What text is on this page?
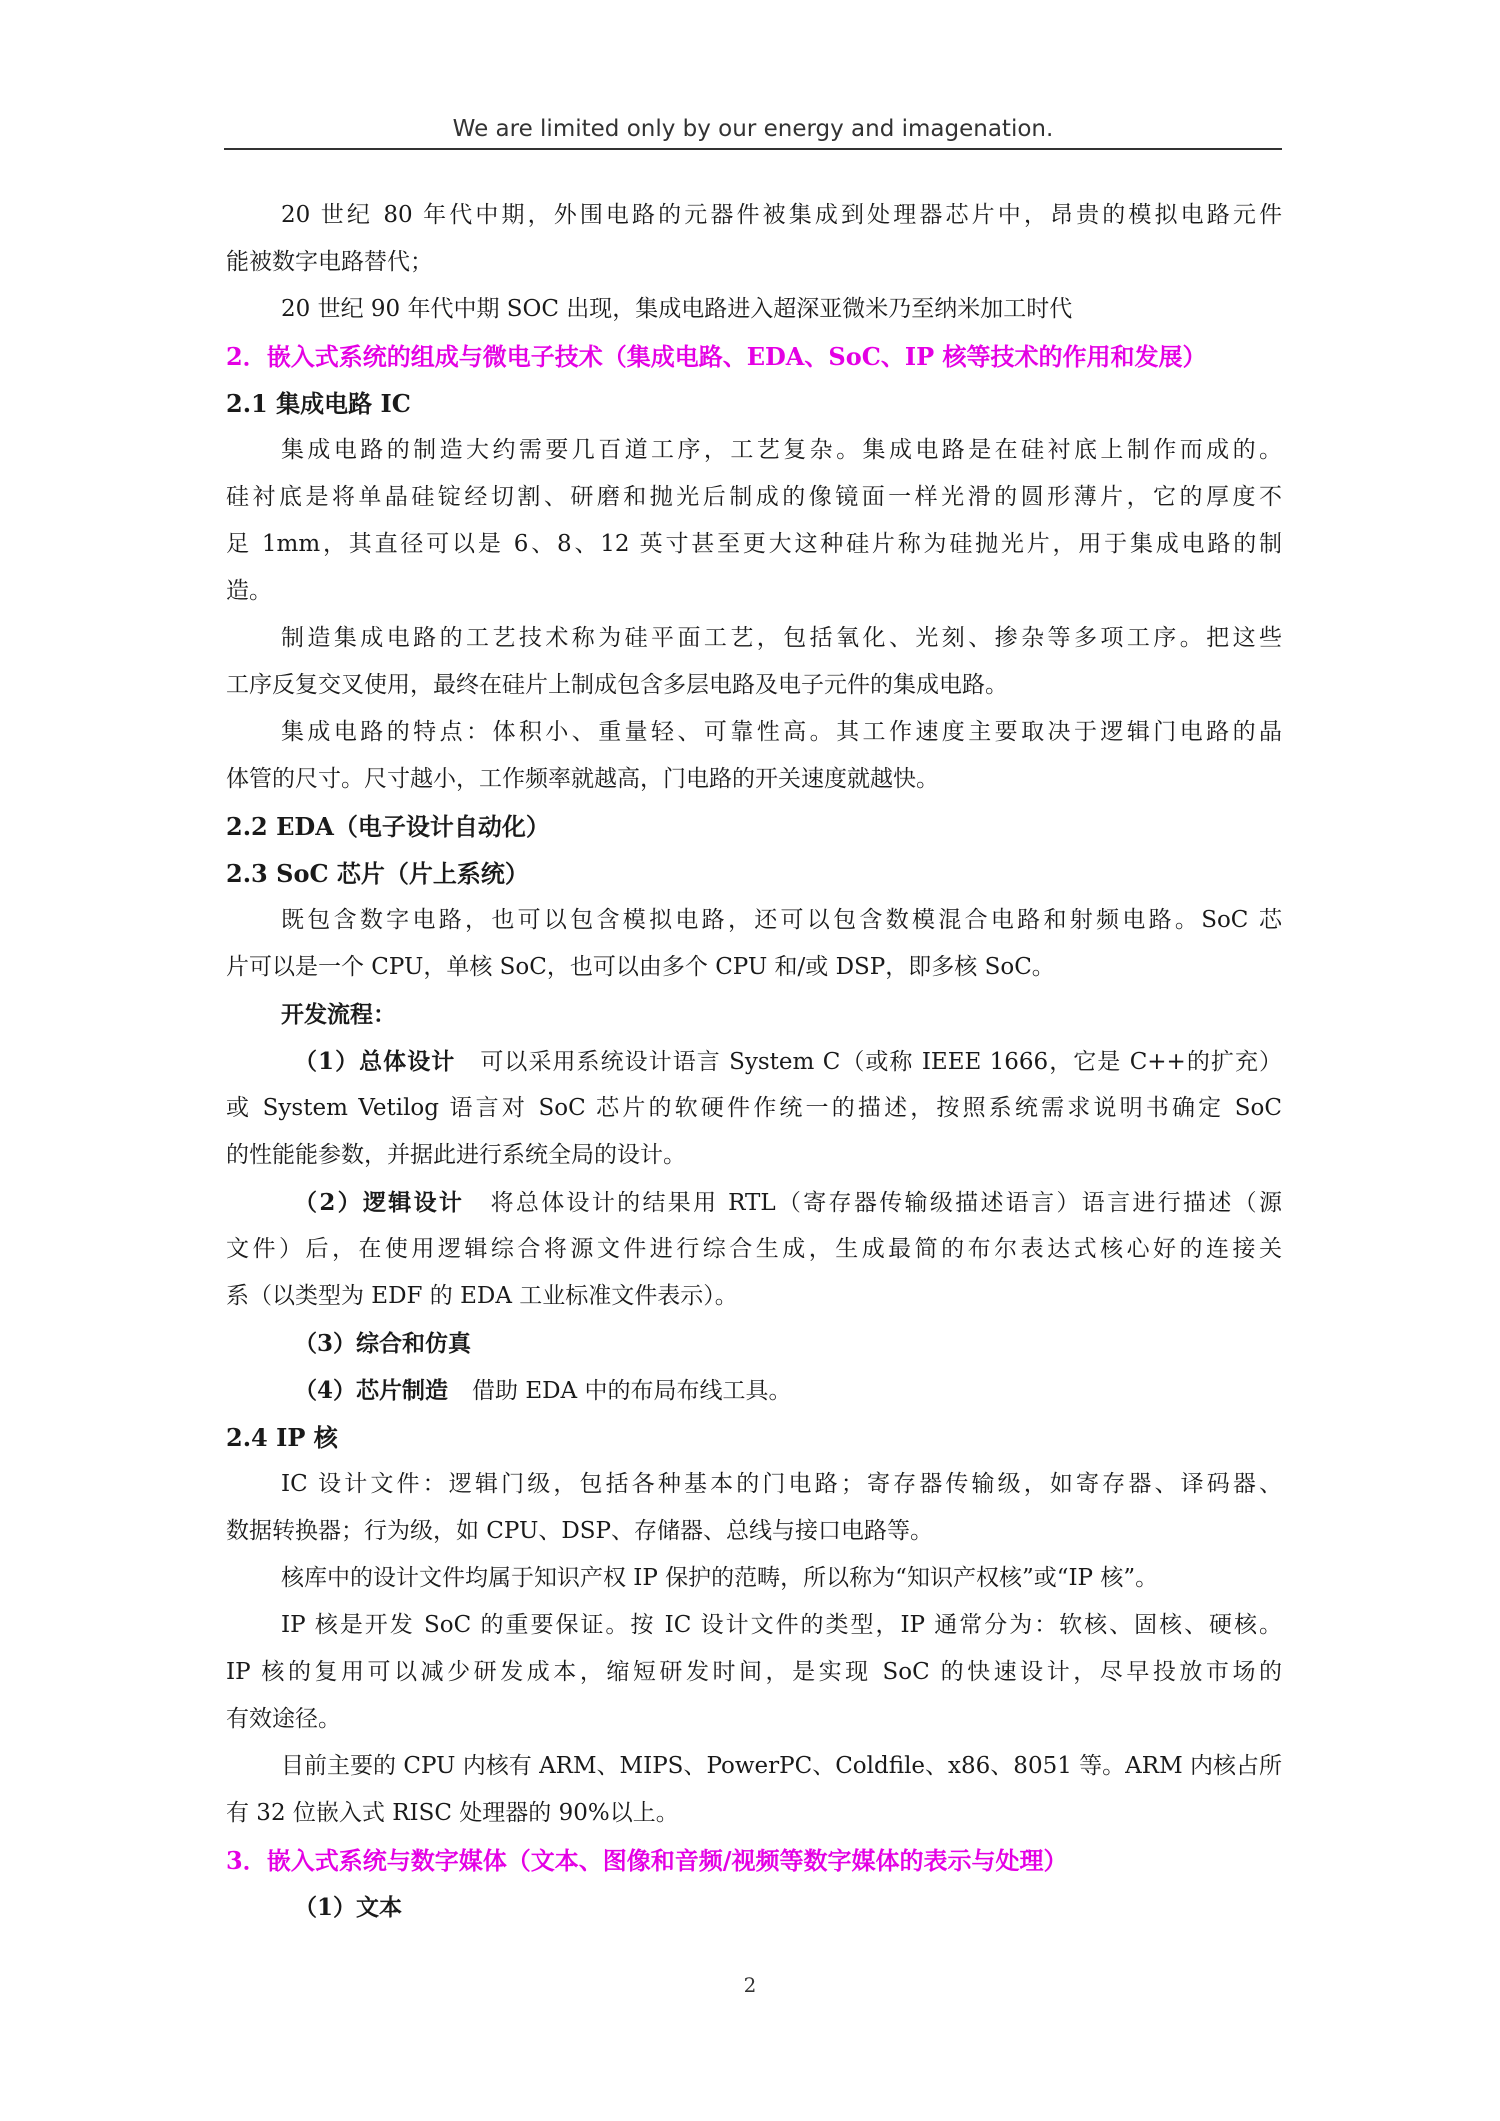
We are limited only by our energy and imagenation.
20 世纪 80 年代中期，外围电路的元器件被集成到处理器芯片中，昂贵的模拟电路元件
能被数字电路替代；
20 世纪 90 年代中期 SOC 出现，集成电路进入超深亚微米乃至纳米加工时代
2．嵌入式系统的组成与微电子技术（集成电路、EDA、SoC、IP 核等技术的作用和发展）
2.1 集成电路 IC
集成电路的制造大约需要几百道工序，工艺复杂。集成电路是在硅衬底上制作而成的。
硅衬底是将单晶硅锭经切割、研磨和抛光后制成的像镜面一样光滑的圆形薄片，它的厚度不
足 1mm，其直径可以是 6、8、12 英寸甚至更大这种硅片称为硅抛光片，用于集成电路的制
造。
制造集成电路的工艺技术称为硅平面工艺，包括氧化、光刻、掺杂等多项工序。把这些
工序反复交叉使用，最终在硅片上制成包含多层电路及电子元件的集成电路。
集成电路的特点：体积小、重量轻、可靠性高。其工作速度主要取决于逻辑门电路的晶
体管的尺寸。尺寸越小，工作频率就越高，门电路的开关速度就越快。
2.2 EDA（电子设计自动化）
2.3 SoC 芯片（片上系统）
既包含数字电路，也可以包含模拟电路，还可以包含数模混合电路和射频电路。SoC 芯
片可以是一个 CPU，单核 SoC，也可以由多个 CPU 和/或 DSP，即多核 SoC。
开发流程：
（1）总体设计 可以采用系统设计语言 System C（或称 IEEE 1666，它是 C++的扩充）
或 System Vetilog 语言对 SoC 芯片的软硬件作统一的描述，按照系统需求说明书确定 SoC
的性能能参数，并据此进行系统全局的设计。
（2）逻辑设计 将总体设计的结果用 RTL（寄存器传输级描述语言）语言进行描述（源
文件）后，在使用逻辑综合将源文件进行综合生成，生成最简的布尔表达式核心好的连接关
系（以类型为 EDF 的 EDA 工业标准文件表示）。
（3）综合和仿真
（4）芯片制造 借助 EDA 中的布局布线工具。
2.4 IP 核
IC 设计文件：逻辑门级，包括各种基本的门电路；寄存器传输级，如寄存器、译码器、
数据转换器；行为级，如 CPU、DSP、存储器、总线与接口电路等。
核库中的设计文件均属于知识产权 IP 保护的范畴，所以称为“知识产权核”或“IP 核”。
IP 核是开发 SoC 的重要保证。按 IC 设计文件的类型，IP 通常分为：软核、固核、硬核。
IP 核的复用可以减少研发成本，缩短研发时间，是实现 SoC 的快速设计，尽早投放市场的
有效途径。
目前主要的 CPU 内核有 ARM、MIPS、PowerPC、Coldfile、x86、8051 等。ARM 内核占所
有 32 位嵌入式 RISC 处理器的 90%以上。
3．嵌入式系统与数字媒体（文本、图像和音频/视频等数字媒体的表示与处理）
（1）文本
2
